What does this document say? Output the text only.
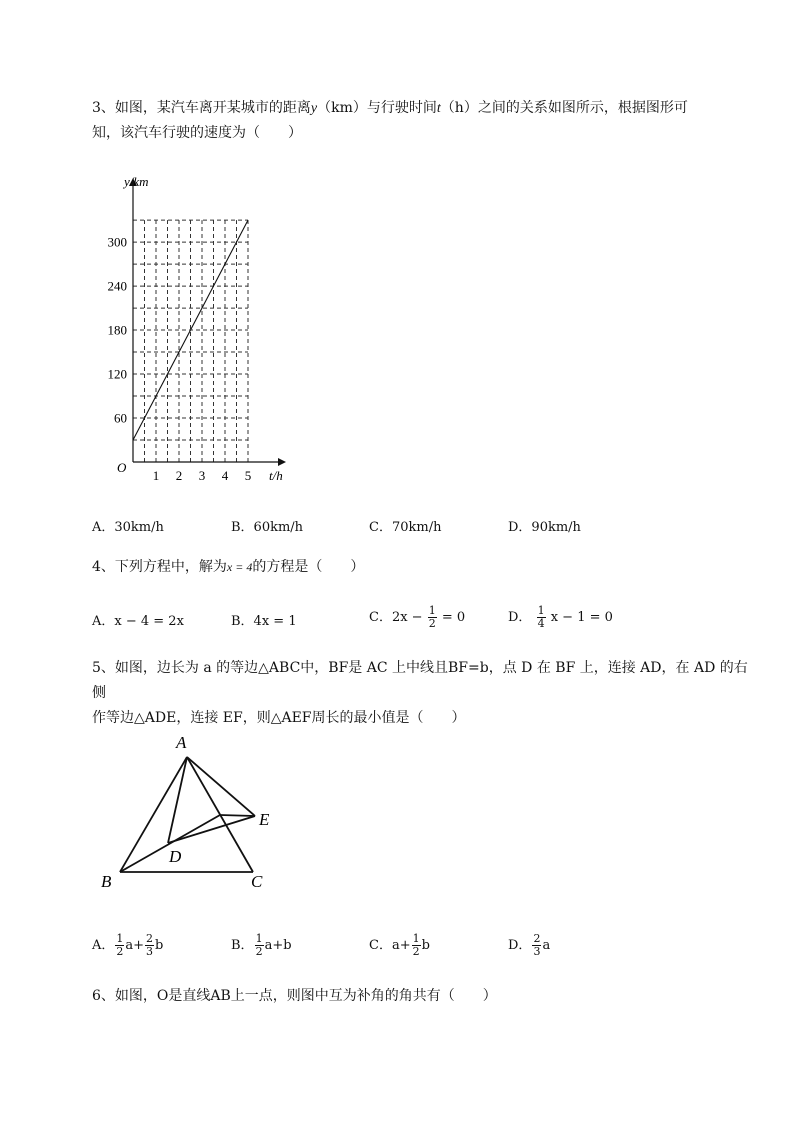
3、如图，某汽车离开某城市的距离y（km）与行驶时间t（h）之间的关系如图所示，根据图形可
知，该汽车行驶的速度为（　　）
60
120
180
240
300
1 2 3 4 5
y/km
t/h
O
A．30km/h	B．60km/h	C．70km/h	D．90km/h
4、下列方程中，解为x = 4的方程是（　　）
A．x − 4 = 2x	B．4x = 1	C．$2x - \frac{1}{2} = 0$	D． $\frac{1}{4}$ x − 1 = 0
5、如图，边长为 a 的等边△ABC中，BF是 AC 上中线且BF=b，点 D 在 BF 上，连接 AD，在 AD 的右侧
作等边△ADE，连接 EF，则△AEF周长的最小值是（　　）
A
B	C
D
E
A． $\frac{1}{2} a+ \frac{2}{3}$ b	B． $\frac{1}{2} a+b$	C．$a+ \frac{1}{2}$ b	D． $\frac{2}{3}$ a
6、如图，O是直线AB上一点，则图中互为补角的角共有（　　）
